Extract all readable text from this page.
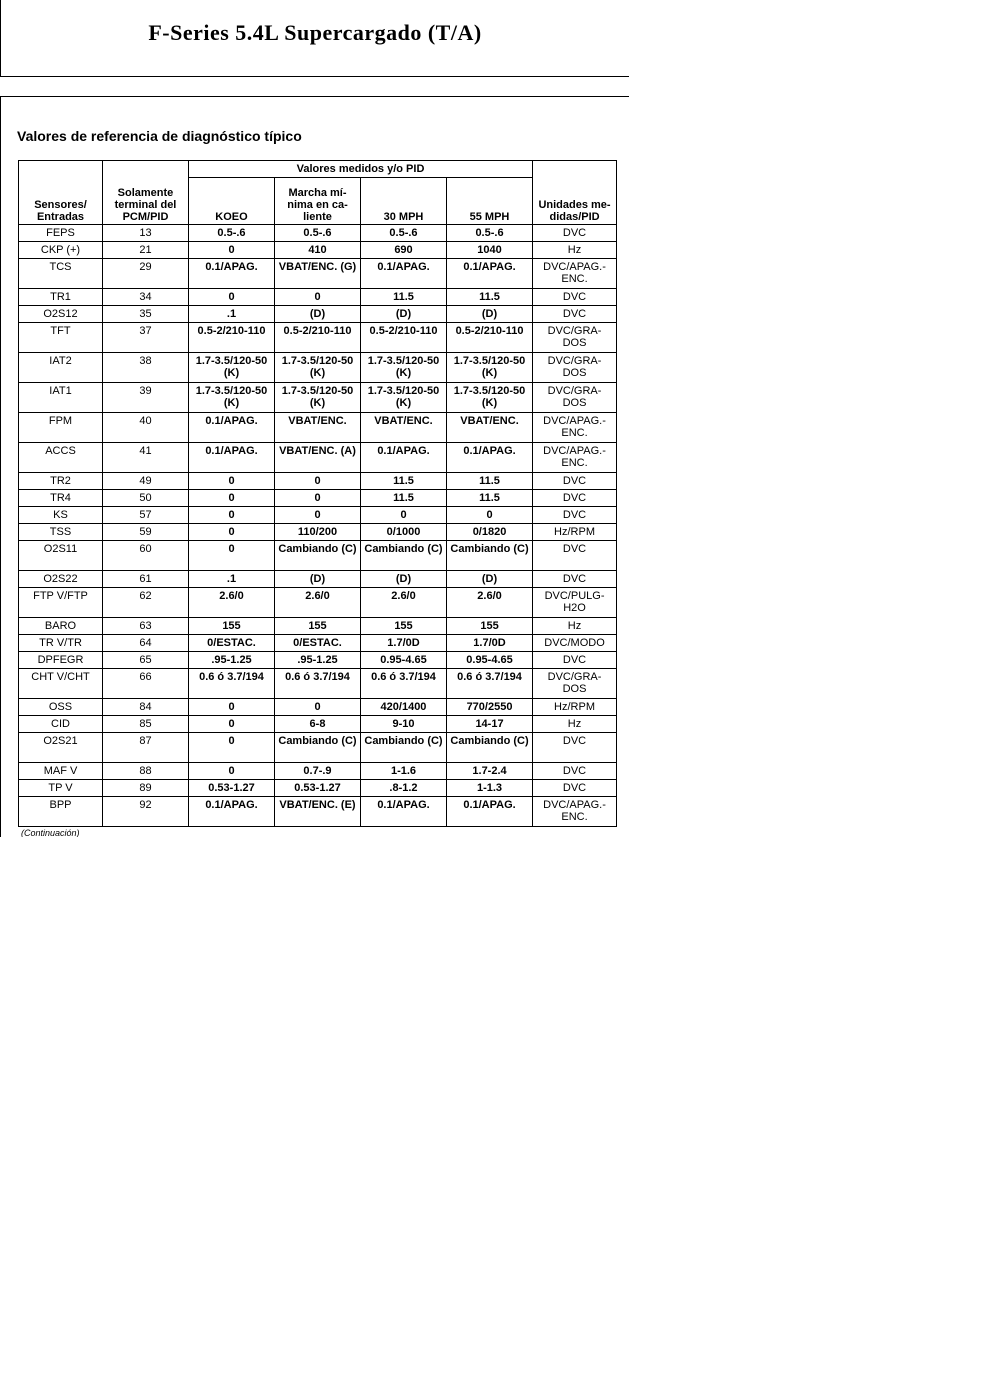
F-Series 5.4L Supercargado (T/A)
Valores de referencia de diagnóstico típico
Sensores/ Entradas	Solamente terminal del PCM/PID	Valores medidos y/o PID				Unidades me- didas/PID
		KOEO	Marcha mí- nima en ca- liente	30 MPH	55 MPH	
FEPS	13	0.5-.6	0.5-.6	0.5-.6	0.5-.6	DVC
CKP (+)	21	0	410	690	1040	Hz
TCS	29	0.1/APAG.	VBAT/ENC. (G)	0.1/APAG.	0.1/APAG.	DVC/APAG.- ENC.
TR1	34	0	0	11.5	11.5	DVC
O2S12	35	.1	(D)	(D)	(D)	DVC
TFT	37	0.5-2/210-110	0.5-2/210-110	0.5-2/210-110	0.5-2/210-110	DVC/GRA- DOS
IAT2	38	1.7-3.5/120-50 (K)	1.7-3.5/120-50 (K)	1.7-3.5/120-50 (K)	1.7-3.5/120-50 (K)	DVC/GRA- DOS
IAT1	39	1.7-3.5/120-50 (K)	1.7-3.5/120-50 (K)	1.7-3.5/120-50 (K)	1.7-3.5/120-50 (K)	DVC/GRA- DOS
FPM	40	0.1/APAG.	VBAT/ENC.	VBAT/ENC.	VBAT/ENC.	DVC/APAG.- ENC.
ACCS	41	0.1/APAG.	VBAT/ENC. (A)	0.1/APAG.	0.1/APAG.	DVC/APAG.- ENC.
TR2	49	0	0	11.5	11.5	DVC
TR4	50	0	0	11.5	11.5	DVC
KS	57	0	0	0	0	DVC
TSS	59	0	110/200	0/1000	0/1820	Hz/RPM
O2S11	60	0	Cambiando (C)	Cambiando (C)	Cambiando (C)	DVC
O2S22	61	.1	(D)	(D)	(D)	DVC
FTP V/FTP	62	2.6/0	2.6/0	2.6/0	2.6/0	DVC/PULG- H2O
BARO	63	155	155	155	155	Hz
TR V/TR	64	0/ESTAC.	0/ESTAC.	1.7/0D	1.7/0D	DVC/MODO
DPFEGR	65	.95-1.25	.95-1.25	0.95-4.65	0.95-4.65	DVC
CHT V/CHT	66	0.6 ó 3.7/194	0.6 ó 3.7/194	0.6 ó 3.7/194	0.6 ó 3.7/194	DVC/GRA- DOS
OSS	84	0	0	420/1400	770/2550	Hz/RPM
CID	85	0	6-8	9-10	14-17	Hz
O2S21	87	0	Cambiando (C)	Cambiando (C)	Cambiando (C)	DVC
MAF V	88	0	0.7-.9	1-1.6	1.7-2.4	DVC
TP V	89	0.53-1.27	0.53-1.27	.8-1.2	1-1.3	DVC
BPP	92	0.1/APAG.	VBAT/ENC. (E)	0.1/APAG.	0.1/APAG.	DVC/APAG.- ENC.
(Continuación)
